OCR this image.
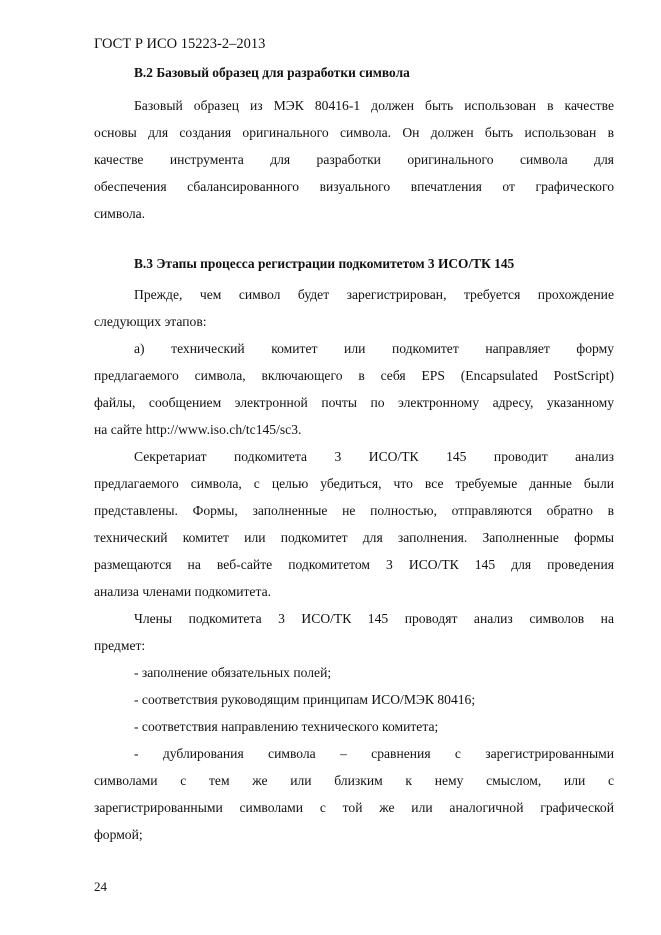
ГОСТ Р ИСО 15223-2–2013
B.2 Базовый образец для разработки символа
Базовый образец из МЭК 80416-1 должен быть использован в качестве
основы для создания оригинального символа. Он должен быть использован в
качестве инструмента для разработки оригинального символа для
обеспечения сбалансированного визуального впечатления от графического
символа.
B.3 Этапы процесса регистрации подкомитетом 3 ИСО/ТК 145
Прежде, чем символ будет зарегистрирован, требуется прохождение
следующих этапов:
а) технический комитет или подкомитет направляет форму
предлагаемого символа, включающего в себя EPS (Encapsulated PostScript)
файлы, сообщением электронной почты по электронному адресу, указанному
на сайте http://www.iso.ch/tc145/sc3.
Секретариат подкомитета 3 ИСО/ТК 145 проводит анализ
предлагаемого символа, с целью убедиться, что все требуемые данные были
представлены. Формы, заполненные не полностью, отправляются обратно в
технический комитет или подкомитет для заполнения. Заполненные формы
размещаются на веб-сайте подкомитетом 3 ИСО/ТК 145 для проведения
анализа членами подкомитета.
Члены подкомитета 3 ИСО/ТК 145 проводят анализ символов на
предмет:
- заполнение обязательных полей;
- соответствия руководящим принципам ИСО/МЭК 80416;
- соответствия направлению технического комитета;
- дублирования символа – сравнения с зарегистрированными
символами с тем же или близким к нему смыслом, или с
зарегистрированными символами с той же или аналогичной графической
формой;
24
